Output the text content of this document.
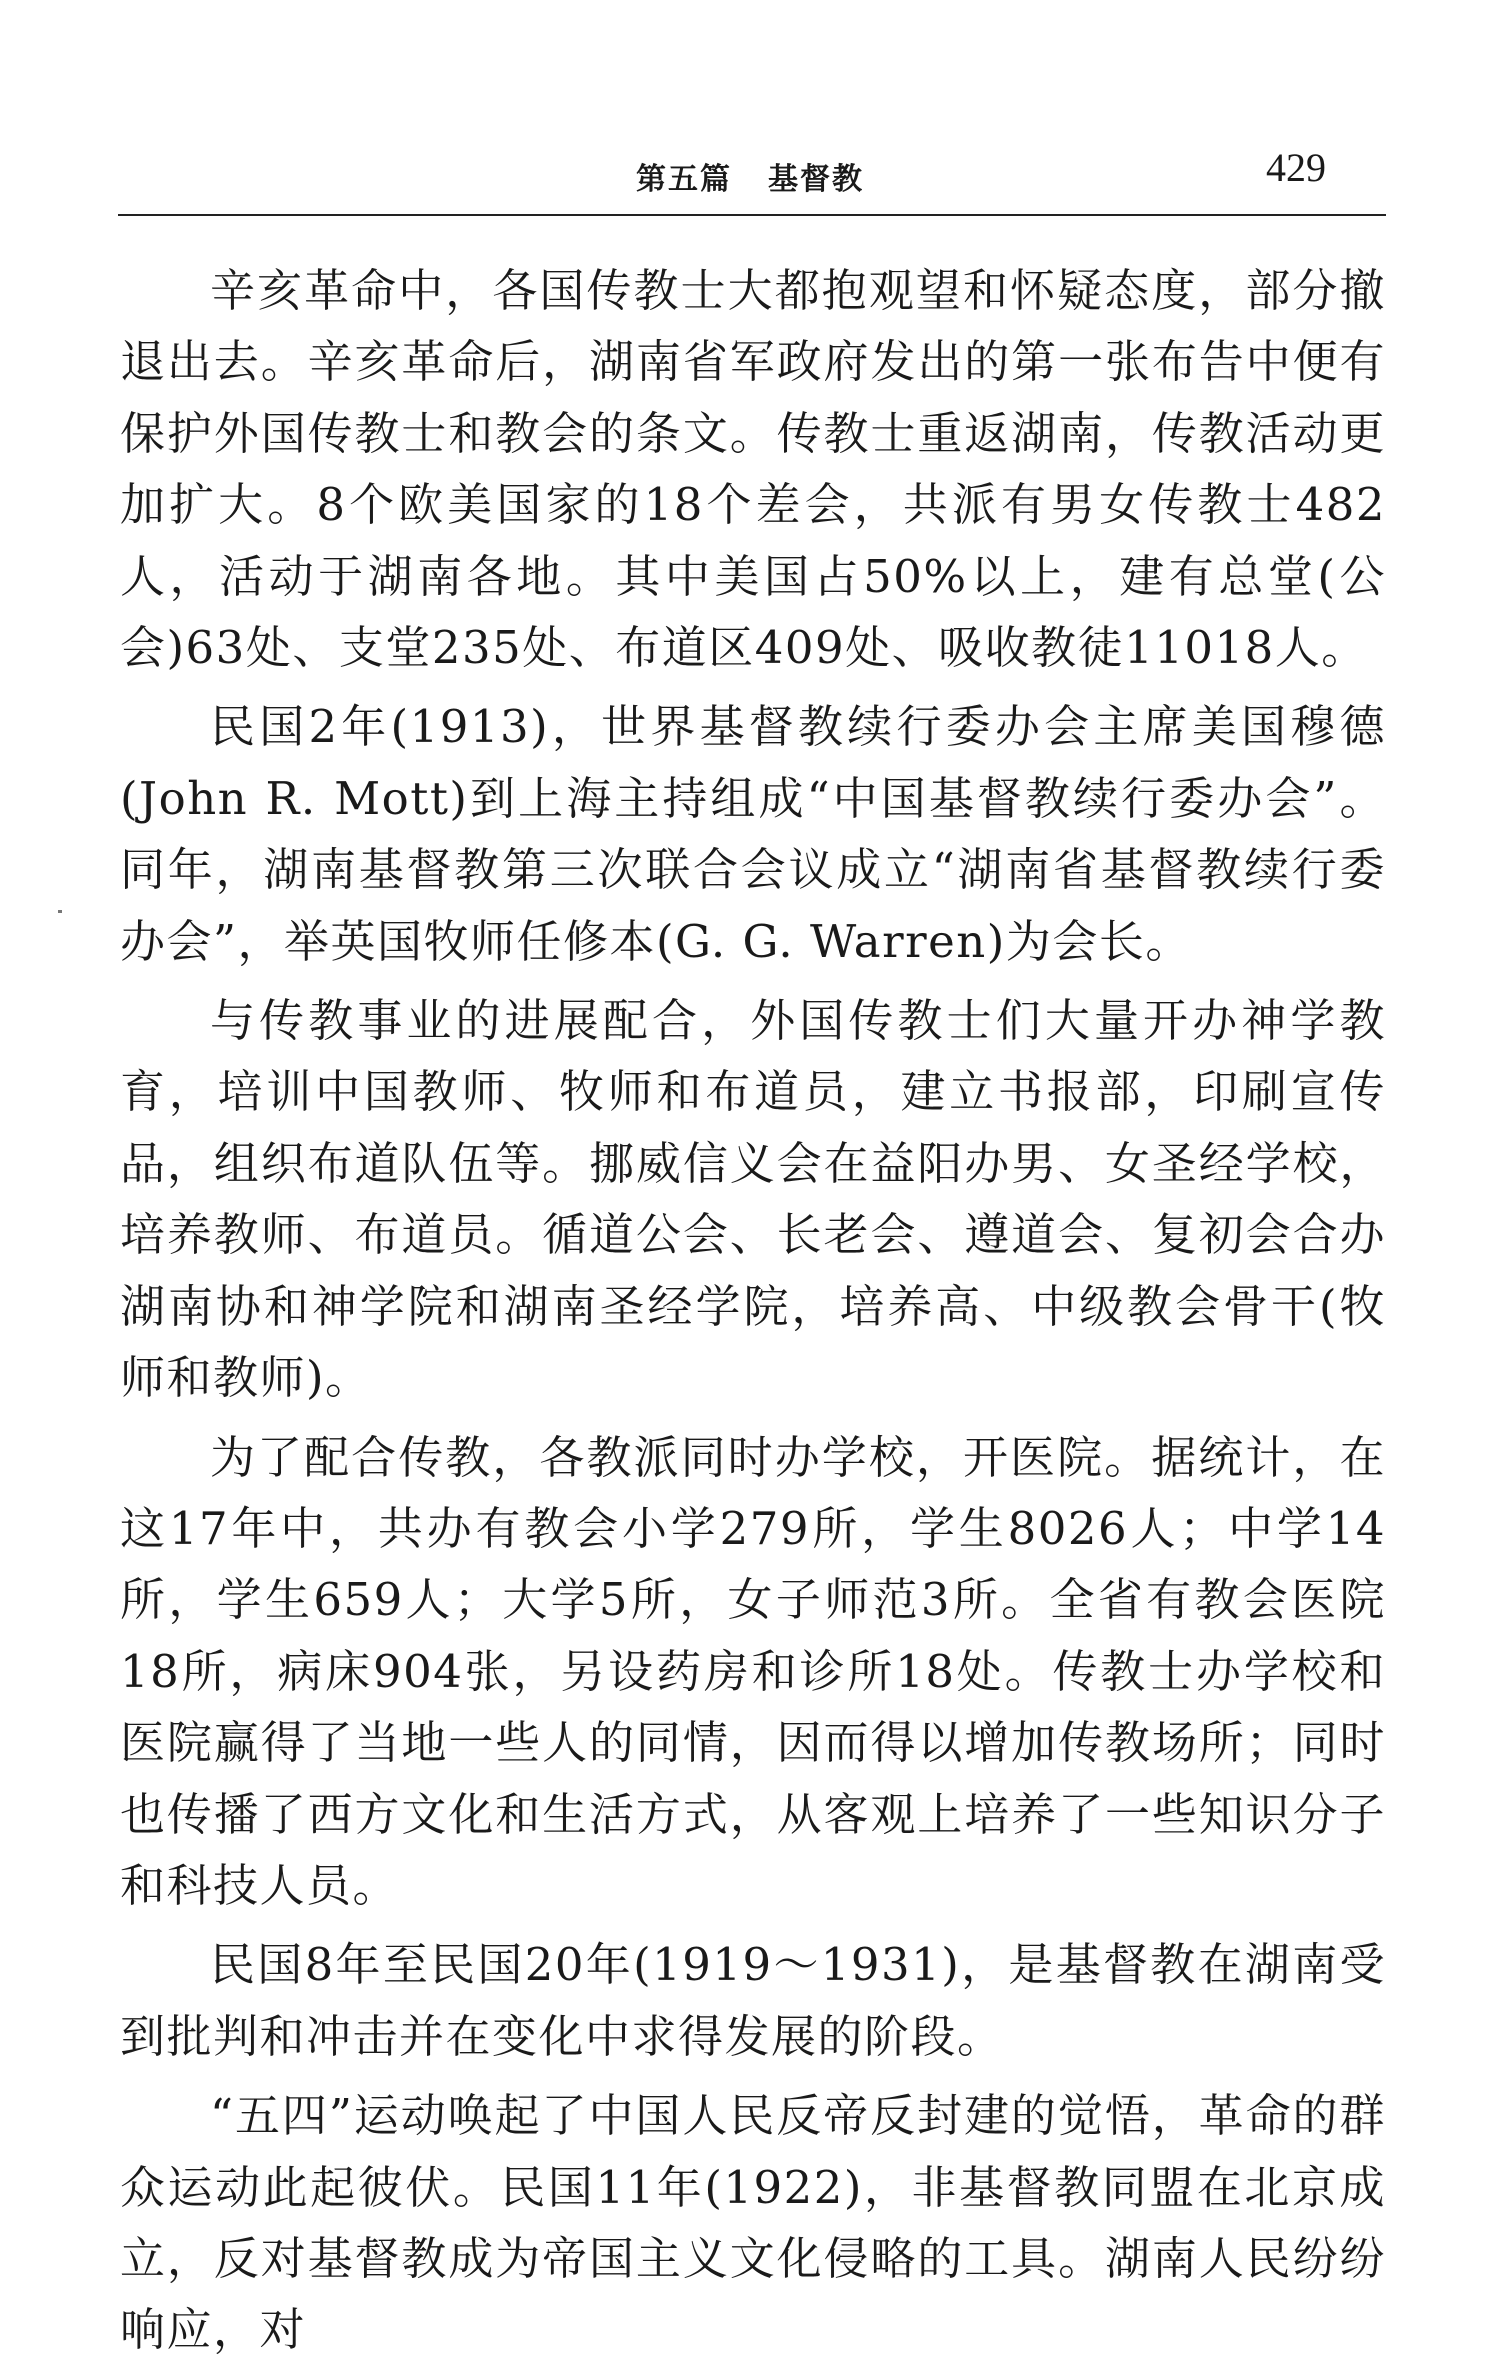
第五篇 基督教	429

辛亥革命中，各国传教士大都抱观望和怀疑态度，部分撤退出去。辛亥革命后，湖南省军政府发出的第一张布告中便有保护外国传教士和教会的条文。传教士重返湖南，传教活动更加扩大。8个欧美国家的18个差会，共派有男女传教士482人，活动于湖南各地。其中美国占50%以上，建有总堂(公会)63处、支堂235处、布道区409处、吸收教徒11018人。

民国2年(1913)，世界基督教续行委办会主席美国穆德(John R. Mott)到上海主持组成“中国基督教续行委办会”。同年，湖南基督教第三次联合会议成立“湖南省基督教续行委办会”，举英国牧师任修本(G. G. Warren)为会长。

与传教事业的进展配合，外国传教士们大量开办神学教育，培训中国教师、牧师和布道员，建立书报部，印刷宣传品，组织布道队伍等。挪威信义会在益阳办男、女圣经学校，培养教师、布道员。循道公会、长老会、遵道会、复初会合办湖南协和神学院和湖南圣经学院，培养高、中级教会骨干(牧师和教师)。

为了配合传教，各教派同时办学校，开医院。据统计，在这17年中，共办有教会小学279所，学生8026人；中学14所，学生659人；大学5所，女子师范3所。全省有教会医院18所，病床904张，另设药房和诊所18处。传教士办学校和医院赢得了当地一些人的同情，因而得以增加传教场所；同时也传播了西方文化和生活方式，从客观上培养了一些知识分子和科技人员。

民国8年至民国20年(1919～1931)，是基督教在湖南受到批判和冲击并在变化中求得发展的阶段。

“五四”运动唤起了中国人民反帝反封建的觉悟，革命的群众运动此起彼伏。民国11年(1922)，非基督教同盟在北京成立，反对基督教成为帝国主义文化侵略的工具。湖南人民纷纷响应，对
